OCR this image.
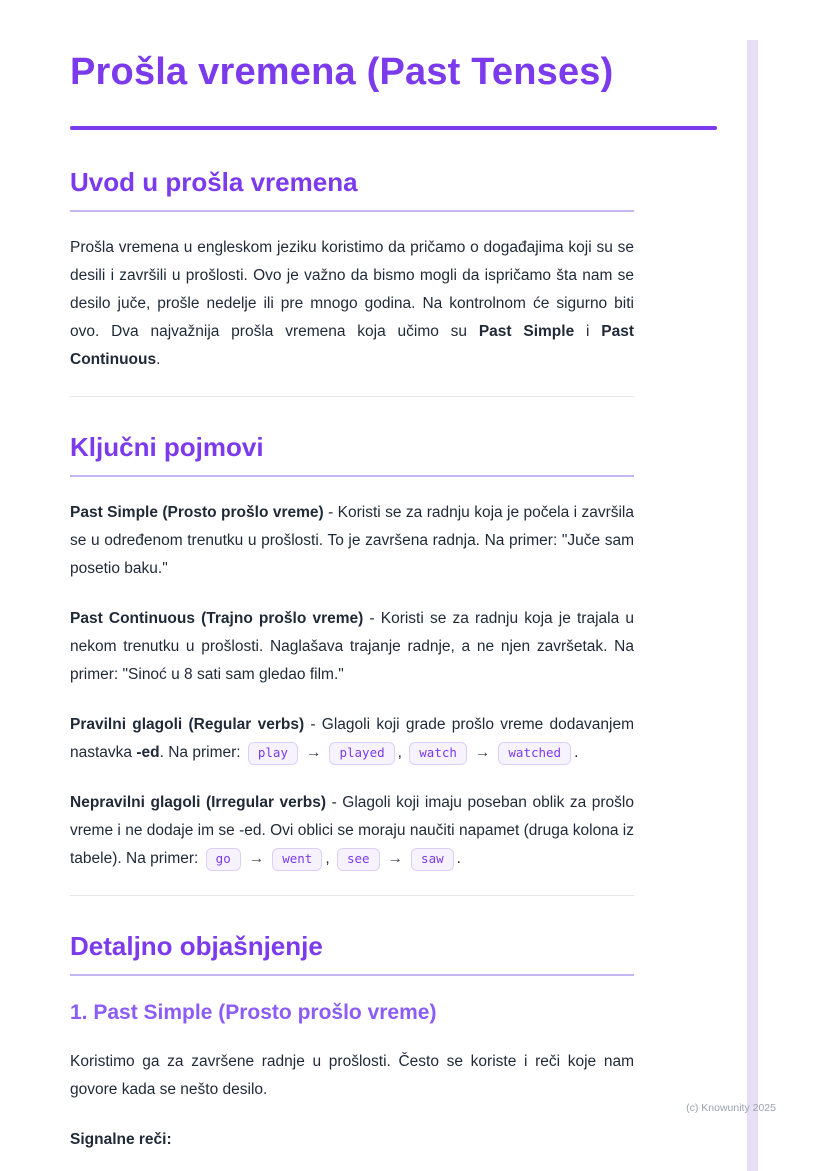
Prošla vremena (Past Tenses)
Uvod u prošla vremena

Prošla vremena u engleskom jeziku koristimo da pričamo o događajima koji su se desili i završili u prošlosti. Ovo je važno da bismo mogli da ispričamo šta nam se desilo juče, prošle nedelje ili pre mnogo godina. Na kontrolnom će sigurno biti ovo. Dva najvažnija prošla vremena koja učimo su Past Simple i Past Continuous.

Ključni pojmovi

Past Simple (Prosto prošlo vreme) - Koristi se za radnju koja je počela i završila se u određenom trenutku u prošlosti. To je završena radnja. Na primer: "Juče sam posetio baku."

Past Continuous (Trajno prošlo vreme) - Koristi se za radnju koja je trajala u nekom trenutku u prošlosti. Naglašava trajanje radnje, a ne njen završetak. Na primer: "Sinoć u 8 sati sam gledao film."

Pravilni glagoli (Regular verbs) - Glagoli koji grade prošlo vreme dodavanjem nastavka -ed. Na primer: play → played , watch → watched .

Nepravilni glagoli (Irregular verbs) - Glagoli koji imaju poseban oblik za prošlo vreme i ne dodaje im se -ed. Ovi oblici se moraju naučiti napamet (druga kolona iz tabele). Na primer: go → went , see → saw .

Detaljno objašnjenje
1. Past Simple (Prosto prošlo vreme)

Koristimo ga za završene radnje u prošlosti. Često se koriste i reči koje nam govore kada se nešto desilo.

Signalne reči:

(c) Knowunity 2025
